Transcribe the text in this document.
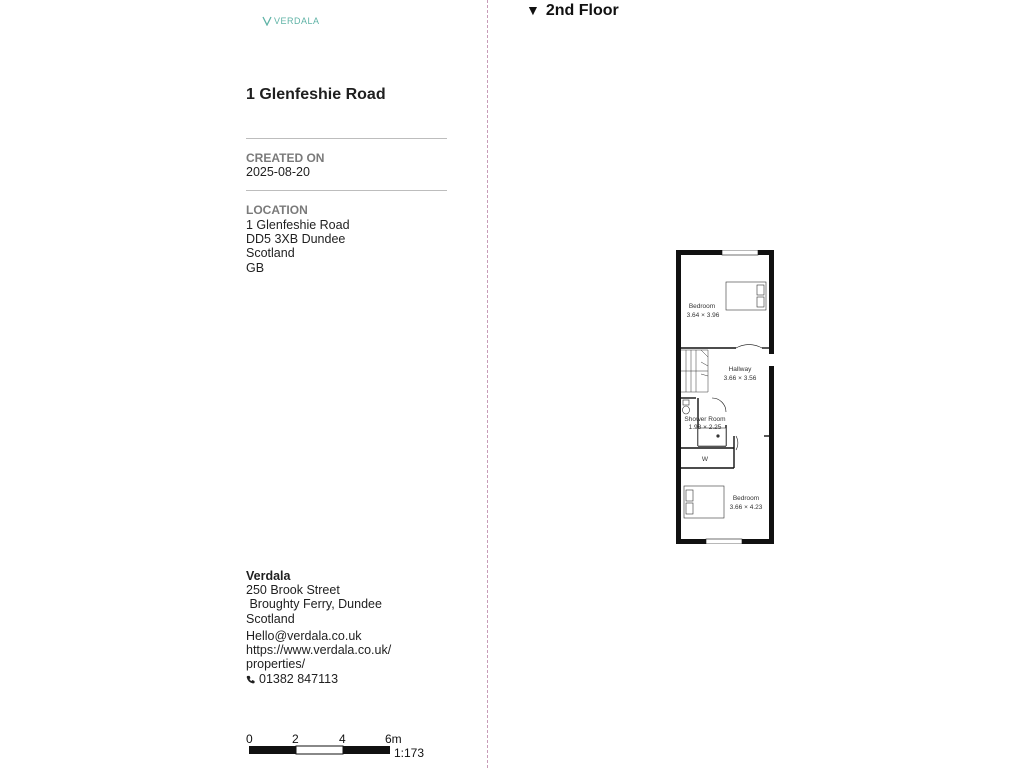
VERDALA
1 Glenfeshie Road
CREATED ON
2025-08-20
LOCATION
1 Glenfeshie Road
DD5 3XB Dundee
Scotland
GB
Verdala
250 Brook Street
Broughty Ferry, Dundee
Scotland
Hello@verdala.co.uk
https://www.verdala.co.uk/
properties/
01382 847113
0	2	4	6m
1:173
▼ 2nd Floor
Bedroom
3.64 × 3.96
Hallway
3.66 × 3.56
Shower Room
1.98 × 2.25
W
Bedroom
3.66 × 4.23
